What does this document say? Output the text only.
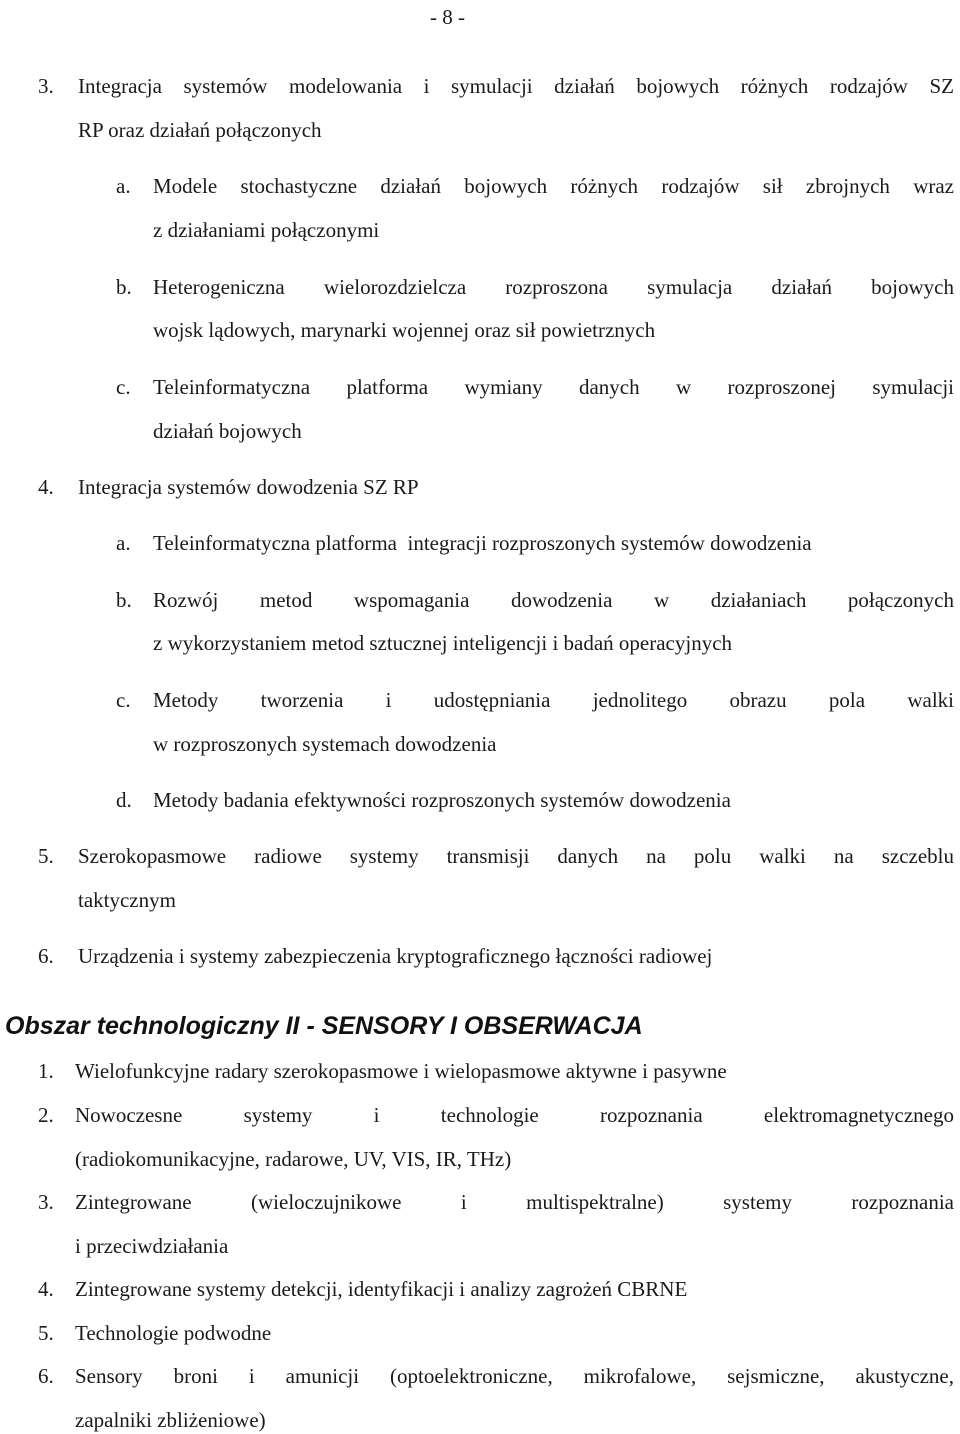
- 8 -
3. Integracja systemów modelowania i symulacji działań bojowych różnych rodzajów SZ
RP oraz działań połączonych
a. Modele stochastyczne działań bojowych różnych rodzajów sił zbrojnych wraz
z działaniami połączonymi
b. Heterogeniczna wielorozdzielcza rozproszona symulacja działań bojowych
wojsk lądowych, marynarki wojennej oraz sił powietrznych
c. Teleinformatyczna platforma wymiany danych w rozproszonej symulacji
działań bojowych
4. Integracja systemów dowodzenia SZ RP
a. Teleinformatyczna platforma  integracji rozproszonych systemów dowodzenia
b. Rozwój metod wspomagania dowodzenia w działaniach połączonych
z wykorzystaniem metod sztucznej inteligencji i badań operacyjnych
c. Metody tworzenia i udostępniania jednolitego obrazu pola walki
w rozproszonych systemach dowodzenia
d. Metody badania efektywności rozproszonych systemów dowodzenia
5. Szerokopasmowe radiowe systemy transmisji danych na polu walki na szczeblu
taktycznym
6. Urządzenia i systemy zabezpieczenia kryptograficznego łączności radiowej
Obszar technologiczny II - SENSORY I OBSERWACJA
1. Wielofunkcyjne radary szerokopasmowe i wielopasmowe aktywne i pasywne
2. Nowoczesne systemy i technologie rozpoznania elektromagnetycznego
(radiokomunikacyjne, radarowe, UV, VIS, IR, THz)
3. Zintegrowane (wieloczujnikowe i multispektralne) systemy rozpoznania
i przeciwdziałania
4. Zintegrowane systemy detekcji, identyfikacji i analizy zagrożeń CBRNE
5. Technologie podwodne
6. Sensory broni i amunicji (optoelektroniczne, mikrofalowe, sejsmiczne, akustyczne,
zapalniki zbliżeniowe)
